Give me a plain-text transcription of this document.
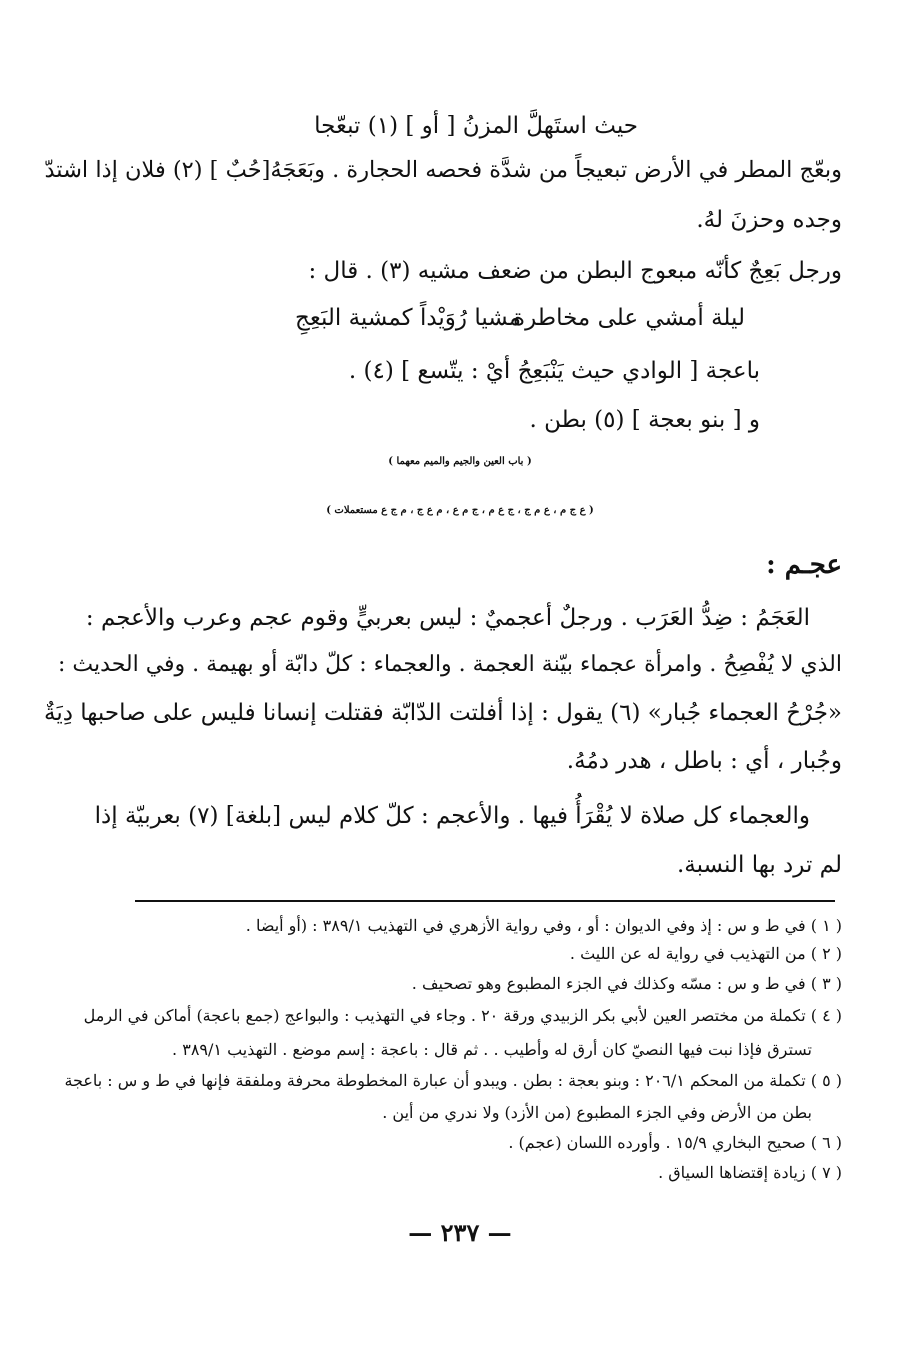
حيث استَهلَّ المزنُ [ أو ] (١) تبعّجا
وبعّج المطر في الأرض تبعيجاً من شدَّة فحصه الحجارة . وبَعَجَهُ[حُبٌ ] (٢) فلان إذا اشتدّ
وجده وحزنَ لهُ.
ورجل بَعِجٌ كأنّه مبعوج البطن من ضعف مشيه (٣) . قال :
ليلة أمشي على مخاطرة
مشيا رُوَيْداً كمشية البَعِجِ
باعجة [ الوادي حيث يَنْبَعِجُ أيْ : يتّسع ] (٤) .
و [ بنو بعجة ] (٥) بطن .
( باب العين والجيم والميم معهما )
( ع ج م ، ع م ج ، ج ع م ، ج م ع ، م ع ج ، م ج ع مستعملات )
عجـم :
العَجَمُ : ضِدُّ العَرَب . ورجلٌ أعجميٌ : ليس بعربيٍّ وقوم عجم وعرب والأعجم :
الذي لا يُفْصِحُ . وامرأة عجماء بيّنة العجمة . والعجماء : كلّ دابّة أو بهيمة . وفي الحديث :
«جُرْحُ العجماء جُبار» (٦) يقول : إذا أفلتت الدّابّة فقتلت إنسانا فليس على صاحبها دِيَةٌ
وجُبار ، أي : باطل ، هدر دمُهُ.
والعجماء كل صلاة لا يُقْرَأُ فيها . والأعجم : كلّ كلام ليس [بلغة] (٧) بعربيّة إذا
لم ترد بها النسبة.
( ١ ) في ط و س : إذ وفي الديوان : أو ، وفي رواية الأزهري في التهذيب ٣٨٩/١ : (أو أيضا .
( ٢ ) من التهذيب في رواية له عن الليث .
( ٣ ) في ط و س : مسّه وكذلك في الجزء المطبوع وهو تصحيف .
( ٤ ) تكملة من مختصر العين لأبي بكر الزبيدي ورقة ٢٠ . وجاء في التهذيب : والبواعج (جمع باعجة) أماكن في الرمل
تسترق فإذا نبت فيها النصيّ كان أرق له وأطيب . . ثم قال : باعجة : إسم موضع . التهذيب ٣٨٩/١ .
( ٥ ) تكملة من المحكم ٢٠٦/١ : وبنو بعجة : بطن . ويبدو أن عبارة المخطوطة محرفة وملفقة فإنها في ط و س : باعجة
بطن من الأرض وفي الجزء المطبوع (من الأزد) ولا ندري من أين .
( ٦ ) صحيح البخاري ١٥/٩ . وأورده اللسان (عجم) .
( ٧ ) زيادة إقتضاها السياق .
— ٢٣٧ —
